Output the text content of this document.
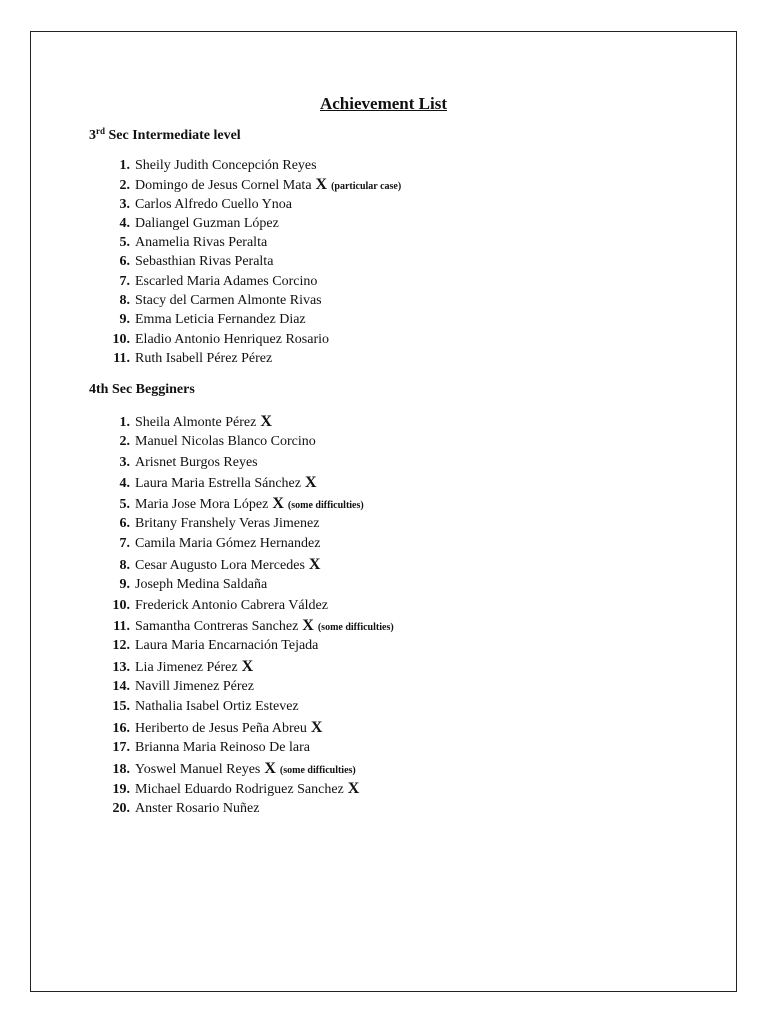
Achievement List
3rd Sec Intermediate level
1. Sheily Judith Concepción Reyes
2. Domingo de Jesus Cornel Mata X (particular case)
3. Carlos Alfredo Cuello Ynoa
4. Daliangel Guzman López
5. Anamelia Rivas Peralta
6. Sebasthian Rivas Peralta
7. Escarled Maria Adames Corcino
8. Stacy del Carmen Almonte Rivas
9. Emma Leticia Fernandez Diaz
10. Eladio Antonio Henriquez Rosario
11. Ruth Isabell Pérez Pérez
4th Sec Begginers
1. Sheila Almonte Pérez X
2. Manuel Nicolas Blanco Corcino
3. Arisnet Burgos Reyes
4. Laura Maria Estrella Sánchez X
5. Maria Jose Mora López X (some difficulties)
6. Britany Franshely Veras Jimenez
7. Camila Maria Gómez Hernandez
8. Cesar Augusto Lora Mercedes X
9. Joseph Medina Saldaña
10. Frederick Antonio Cabrera Váldez
11. Samantha Contreras Sanchez X (some difficulties)
12. Laura Maria Encarnación Tejada
13. Lia Jimenez Pérez X
14. Navill Jimenez Pérez
15. Nathalia Isabel Ortiz Estevez
16. Heriberto de Jesus Peña Abreu X
17. Brianna Maria Reinoso De lara
18. Yoswel Manuel Reyes X (some difficulties)
19. Michael Eduardo Rodriguez Sanchez X
20. Anster Rosario Nuñez
